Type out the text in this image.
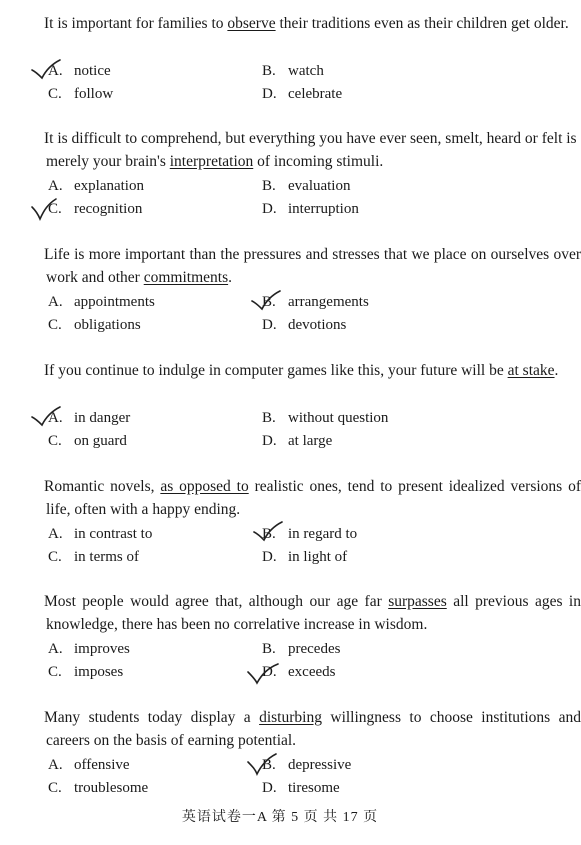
It is important for families to observe their traditions even as their children get older.
A. notice	B. watch
C. follow	D. celebrate
It is difficult to comprehend, but everything you have ever seen, smelt, heard or felt is merely your brain's interpretation of incoming stimuli.
A. explanation	B. evaluation
C. recognition	D. interruption
Life is more important than the pressures and stresses that we place on ourselves over work and other commitments.
A. appointments	B. arrangements
C. obligations	D. devotions
If you continue to indulge in computer games like this, your future will be at stake.
A. in danger	B. without question
C. on guard	D. at large
Romantic novels, as opposed to realistic ones, tend to present idealized versions of life, often with a happy ending.
A. in contrast to	B. in regard to
C. in terms of	D. in light of
Most people would agree that, although our age far surpasses all previous ages in knowledge, there has been no correlative increase in wisdom.
A. improves	B. precedes
C. imposes	D. exceeds
Many students today display a disturbing willingness to choose institutions and careers on the basis of earning potential.
A. offensive	B. depressive
C. troublesome	D. tiresome
英语试卷一A 第 5 页 共 17 页
